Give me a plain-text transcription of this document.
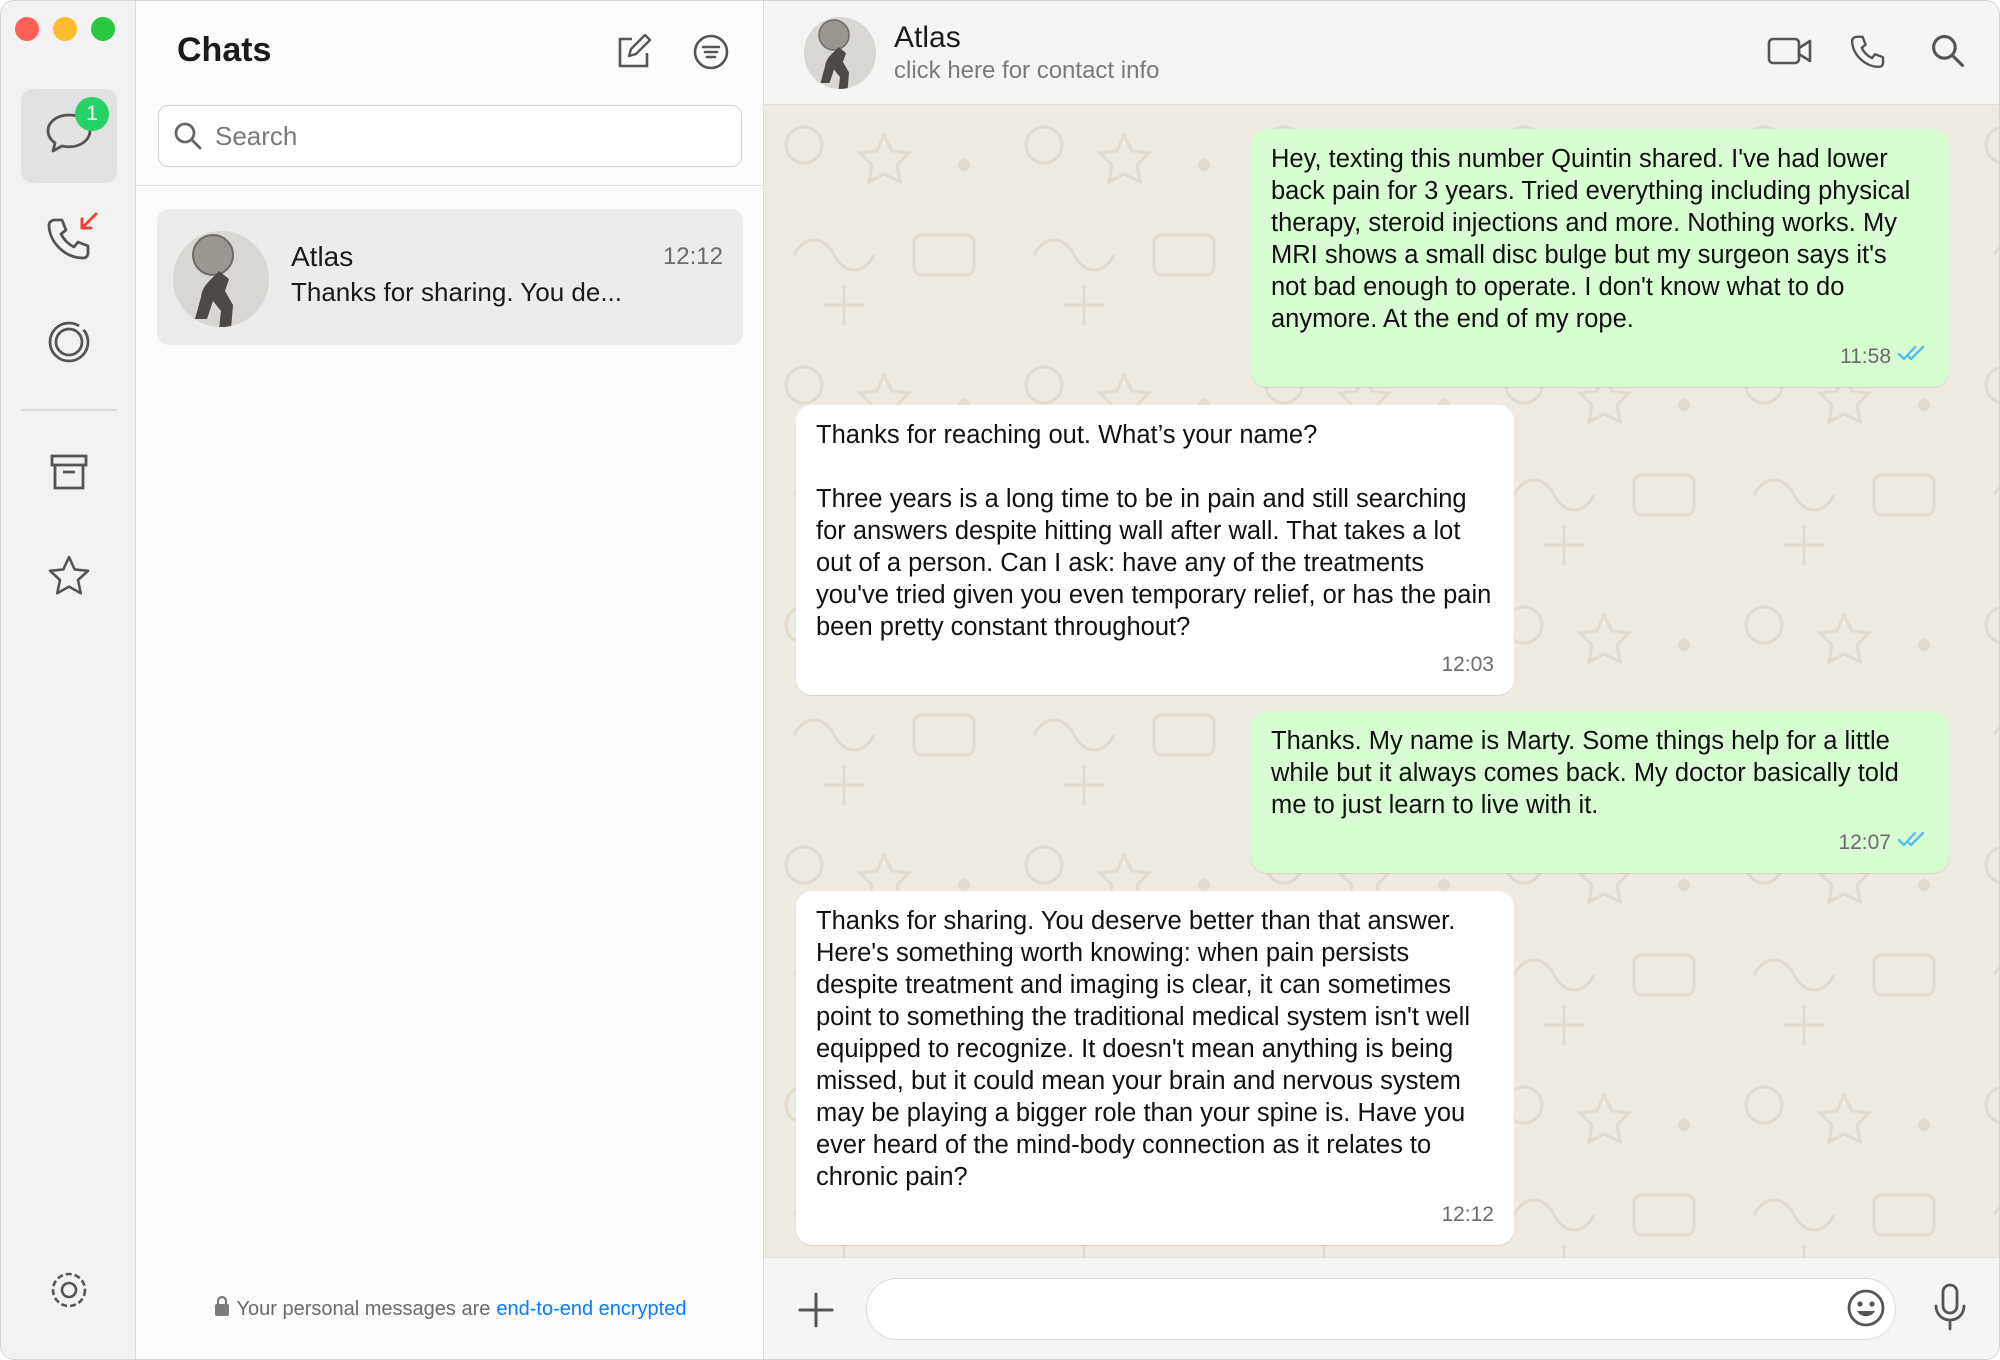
1
Chats
Search
Atlas	12:12
Thanks for sharing. You de...
Your personal messages are end-to-end encrypted
Atlas
click here for contact info
Hey, texting this number Quintin shared. I've had lower back pain for 3 years. Tried everything including physical therapy, steroid injections and more. Nothing works. My MRI shows a small disc bulge but my surgeon says it's not bad enough to operate. I don't know what to do anymore. At the end of my rope.
11:58
Thanks for reaching out. What’s your name?

Three years is a long time to be in pain and still searching for answers despite hitting wall after wall. That takes a lot out of a person. Can I ask: have any of the treatments you've tried given you even temporary relief, or has the pain been pretty constant throughout?
12:03
Thanks. My name is Marty. Some things help for a little while but it always comes back. My doctor basically told me to just learn to live with it.
12:07
Thanks for sharing. You deserve better than that answer. Here's something worth knowing: when pain persists despite treatment and imaging is clear, it can sometimes point to something the traditional medical system isn't well equipped to recognize. It doesn't mean anything is being missed, but it could mean your brain and nervous system may be playing a bigger role than your spine is. Have you ever heard of the mind-body connection as it relates to chronic pain?
12:12
